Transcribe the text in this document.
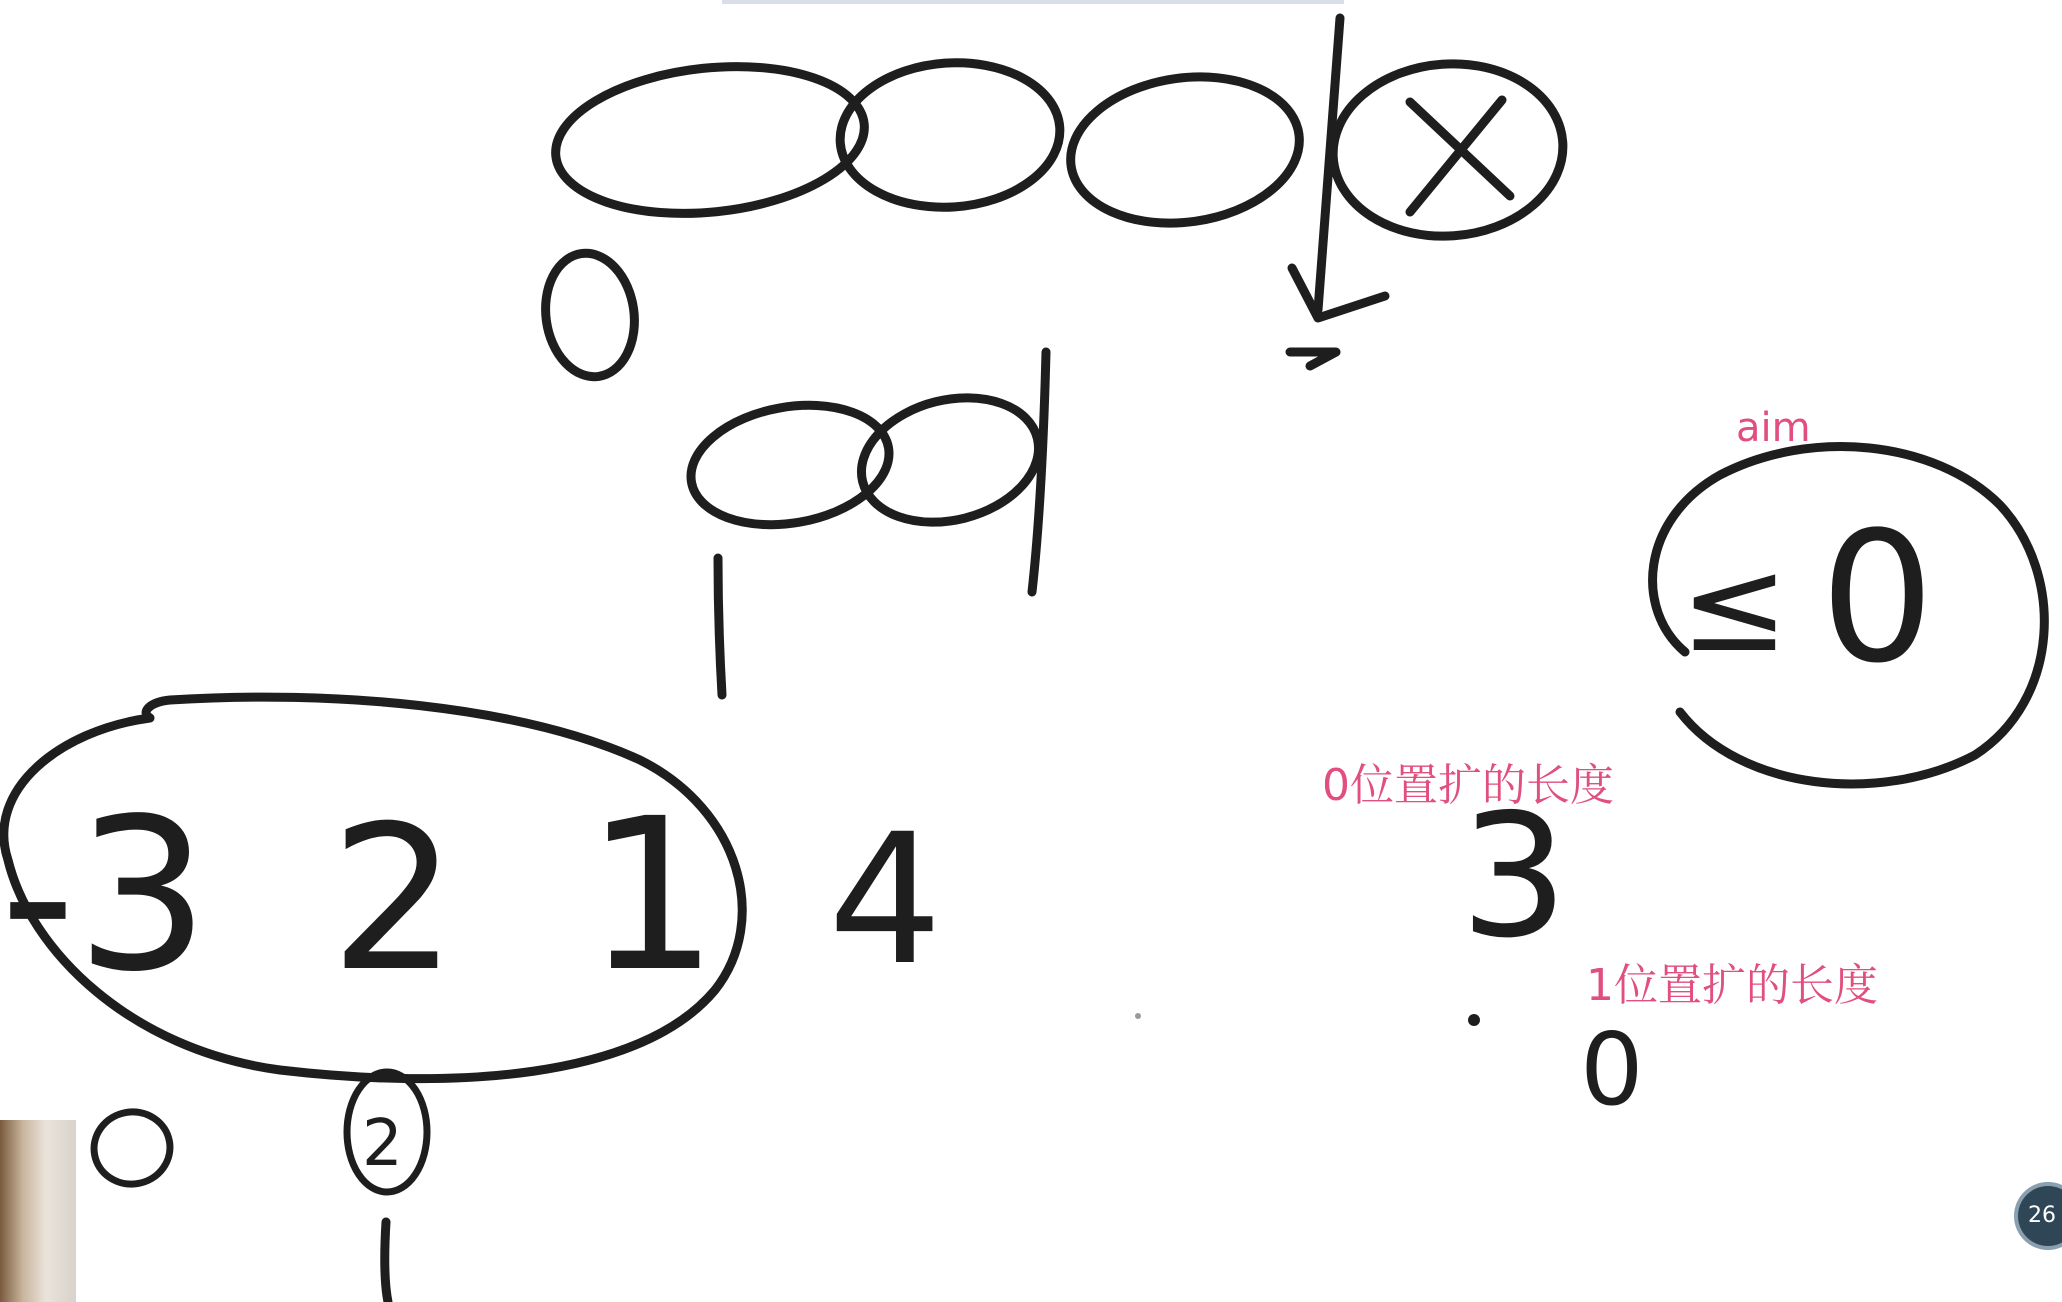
-3 2 1 4
2
≤ 0
3
0
aim
0位置扩的长度
1位置扩的长度
26
